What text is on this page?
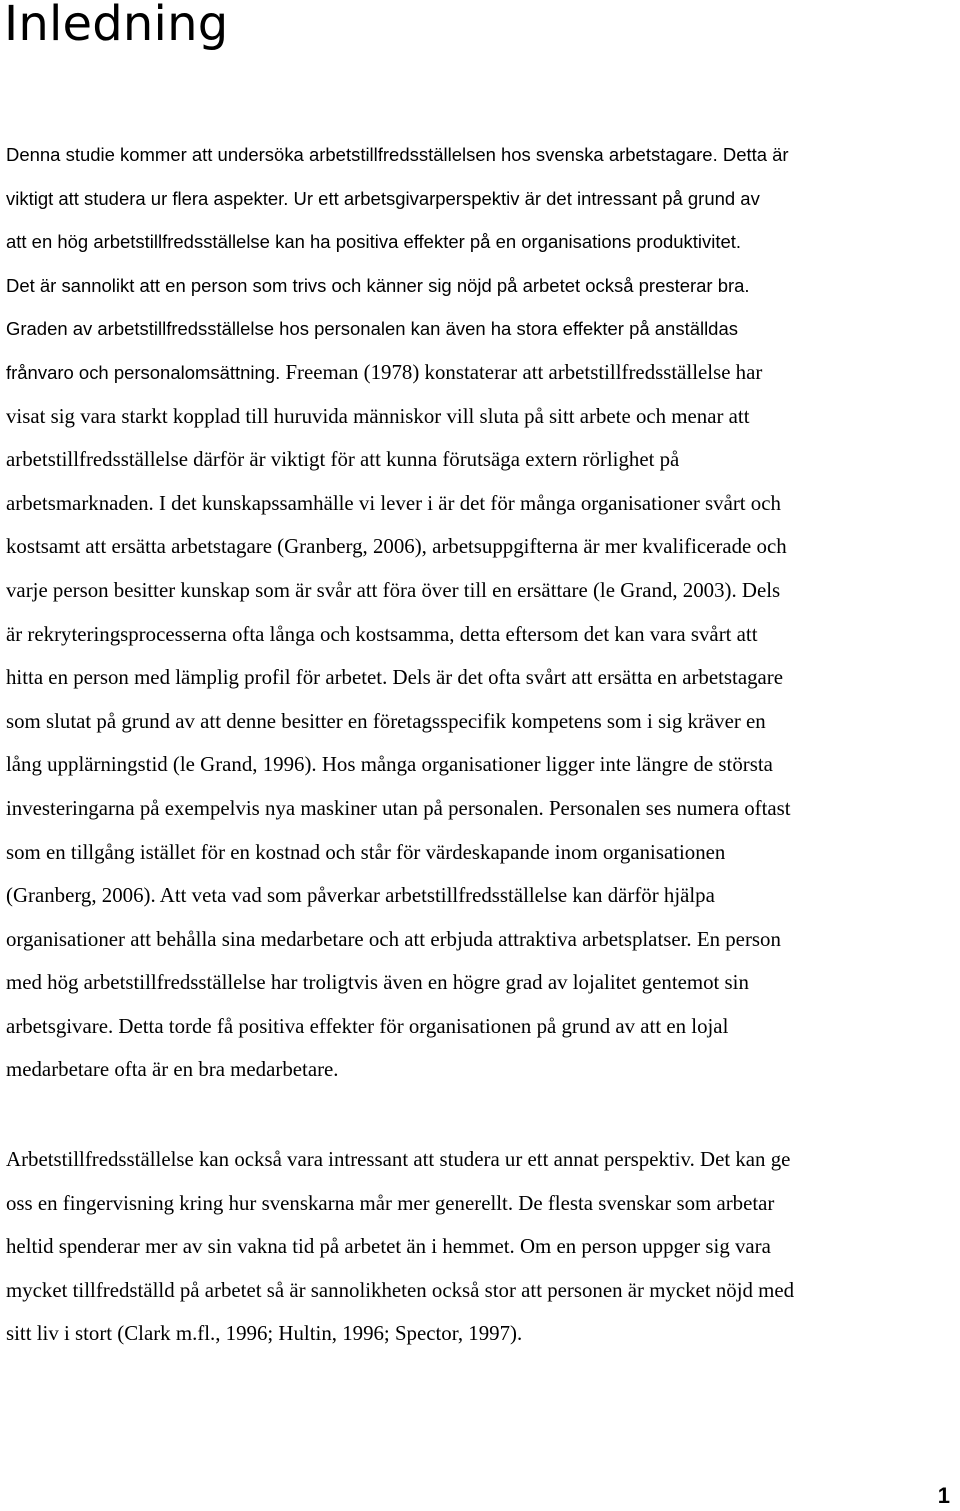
Inledning
Denna studie kommer att undersöka arbetstillfredsställelsen hos svenska arbetstagare. Detta är
viktigt att studera ur flera aspekter. Ur ett arbetsgivarperspektiv är det intressant på grund av
att en hög arbetstillfredsställelse kan ha positiva effekter på en organisations produktivitet.
Det är sannolikt att en person som trivs och känner sig nöjd på arbetet också presterar bra.
Graden av arbetstillfredsställelse hos personalen kan även ha stora effekter på anställdas
frånvaro och personalomsättning. Freeman (1978) konstaterar att arbetstillfredsställelse har
visat sig vara starkt kopplad till huruvida människor vill sluta på sitt arbete och menar att
arbetstillfredsställelse därför är viktigt för att kunna förutsäga extern rörlighet på
arbetsmarknaden. I det kunskapssamhälle vi lever i är det för många organisationer svårt och
kostsamt att ersätta arbetstagare (Granberg, 2006), arbetsuppgifterna är mer kvalificerade och
varje person besitter kunskap som är svår att föra över till en ersättare (le Grand, 2003). Dels
är rekryteringsprocesserna ofta långa och kostsamma, detta eftersom det kan vara svårt att
hitta en person med lämplig profil för arbetet. Dels är det ofta svårt att ersätta en arbetstagare
som slutat på grund av att denne besitter en företagsspecifik kompetens som i sig kräver en
lång upplärningstid (le Grand, 1996). Hos många organisationer ligger inte längre de största
investeringarna på exempelvis nya maskiner utan på personalen. Personalen ses numera oftast
som en tillgång istället för en kostnad och står för värdeskapande inom organisationen
(Granberg, 2006). Att veta vad som påverkar arbetstillfredsställelse kan därför hjälpa
organisationer att behålla sina medarbetare och att erbjuda attraktiva arbetsplatser. En person
med hög arbetstillfredsställelse har troligtvis även en högre grad av lojalitet gentemot sin
arbetsgivare. Detta torde få positiva effekter för organisationen på grund av att en lojal
medarbetare ofta är en bra medarbetare.
Arbetstillfredsställelse kan också vara intressant att studera ur ett annat perspektiv. Det kan ge
oss en fingervisning kring hur svenskarna mår mer generellt. De flesta svenskar som arbetar
heltid spenderar mer av sin vakna tid på arbetet än i hemmet. Om en person uppger sig vara
mycket tillfredställd på arbetet så är sannolikheten också stor att personen är mycket nöjd med
sitt liv i stort (Clark m.fl., 1996; Hultin, 1996; Spector, 1997).
1
